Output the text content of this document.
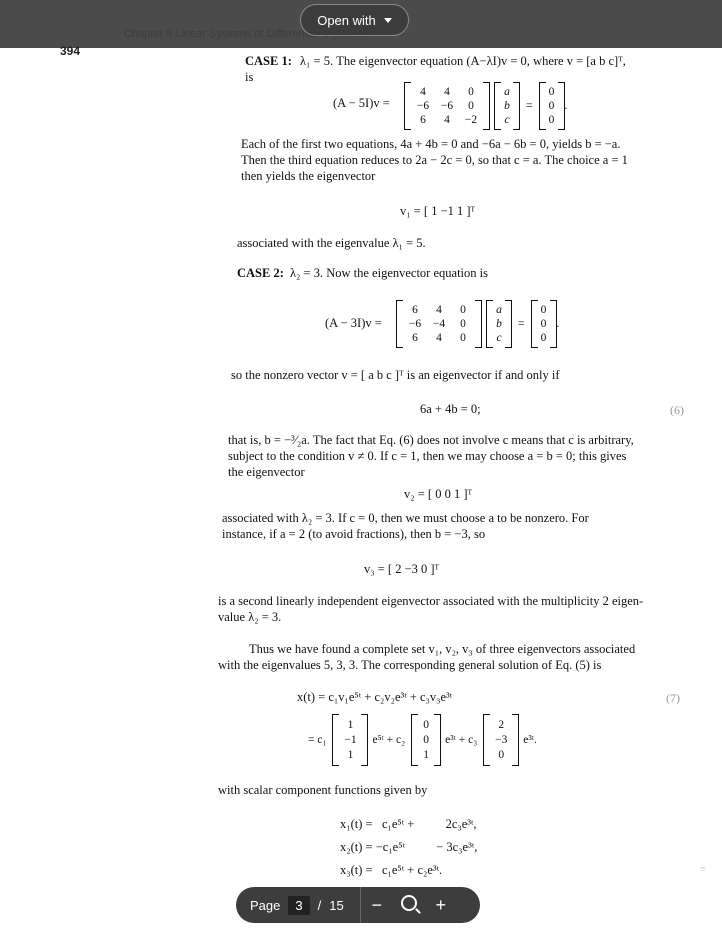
Open with
394
CASE 1: λ₁ = 5. The eigenvector equation (A−λI)v = 0, where v = [a b c]ᵀ,
is
(A − 5I)v =
4	4	0
−6	−6	0
6	4	−2
a
b
c
=
0
0
0
.
Each of the first two equations, 4a + 4b = 0 and −6a − 6b = 0, yields b = −a.
Then the third equation reduces to 2a − 2c = 0, so that c = a. The choice a = 1
then yields the eigenvector
v₁ = [ 1 −1 1 ]ᵀ
associated with the eigenvalue λ₁ = 5.
CASE 2: λ₂ = 3. Now the eigenvector equation is
(A − 3I)v =
6	4	0
−6	−4	0
6	4	0
a
b
c
=
0
0
0
.
so the nonzero vector v = [ a b c ]ᵀ is an eigenvector if and only if
6a + 4b = 0;	(6)
that is, b = −³⁄₂a. The fact that Eq. (6) does not involve c means that c is arbitrary,
subject to the condition v ≠ 0. If c = 1, then we may choose a = b = 0; this gives
the eigenvector
v₂ = [ 0 0 1 ]ᵀ
associated with λ₂ = 3. If c = 0, then we must choose a to be nonzero. For
instance, if a = 2 (to avoid fractions), then b = −3, so
v₃ = [ 2 −3 0 ]ᵀ
is a second linearly independent eigenvector associated with the multiplicity 2 eigen-
value λ₂ = 3.
Thus we have found a complete set v₁, v₂, v₃ of three eigenvectors associated
with the eigenvalues 5, 3, 3. The corresponding general solution of Eq. (5) is
x(t) = c₁v₁e⁵ᵗ + c₂v₂e³ᵗ + c₃v₃e³ᵗ	(7)
= c₁
1
−1
1
e⁵ᵗ + c₂
0
0
1
e³ᵗ + c₃
2
−3
0
e³ᵗ.
with scalar component functions given by
x₁(t) =   c₁e⁵ᵗ +          2c₃e³ᵗ,
x₂(t) = −c₁e⁵ᵗ          − 3c₃e³ᵗ,
x₃(t) =   c₁e⁵ᵗ + c₂e³ᵗ.	≡
Page	3	/ 15	−	+
